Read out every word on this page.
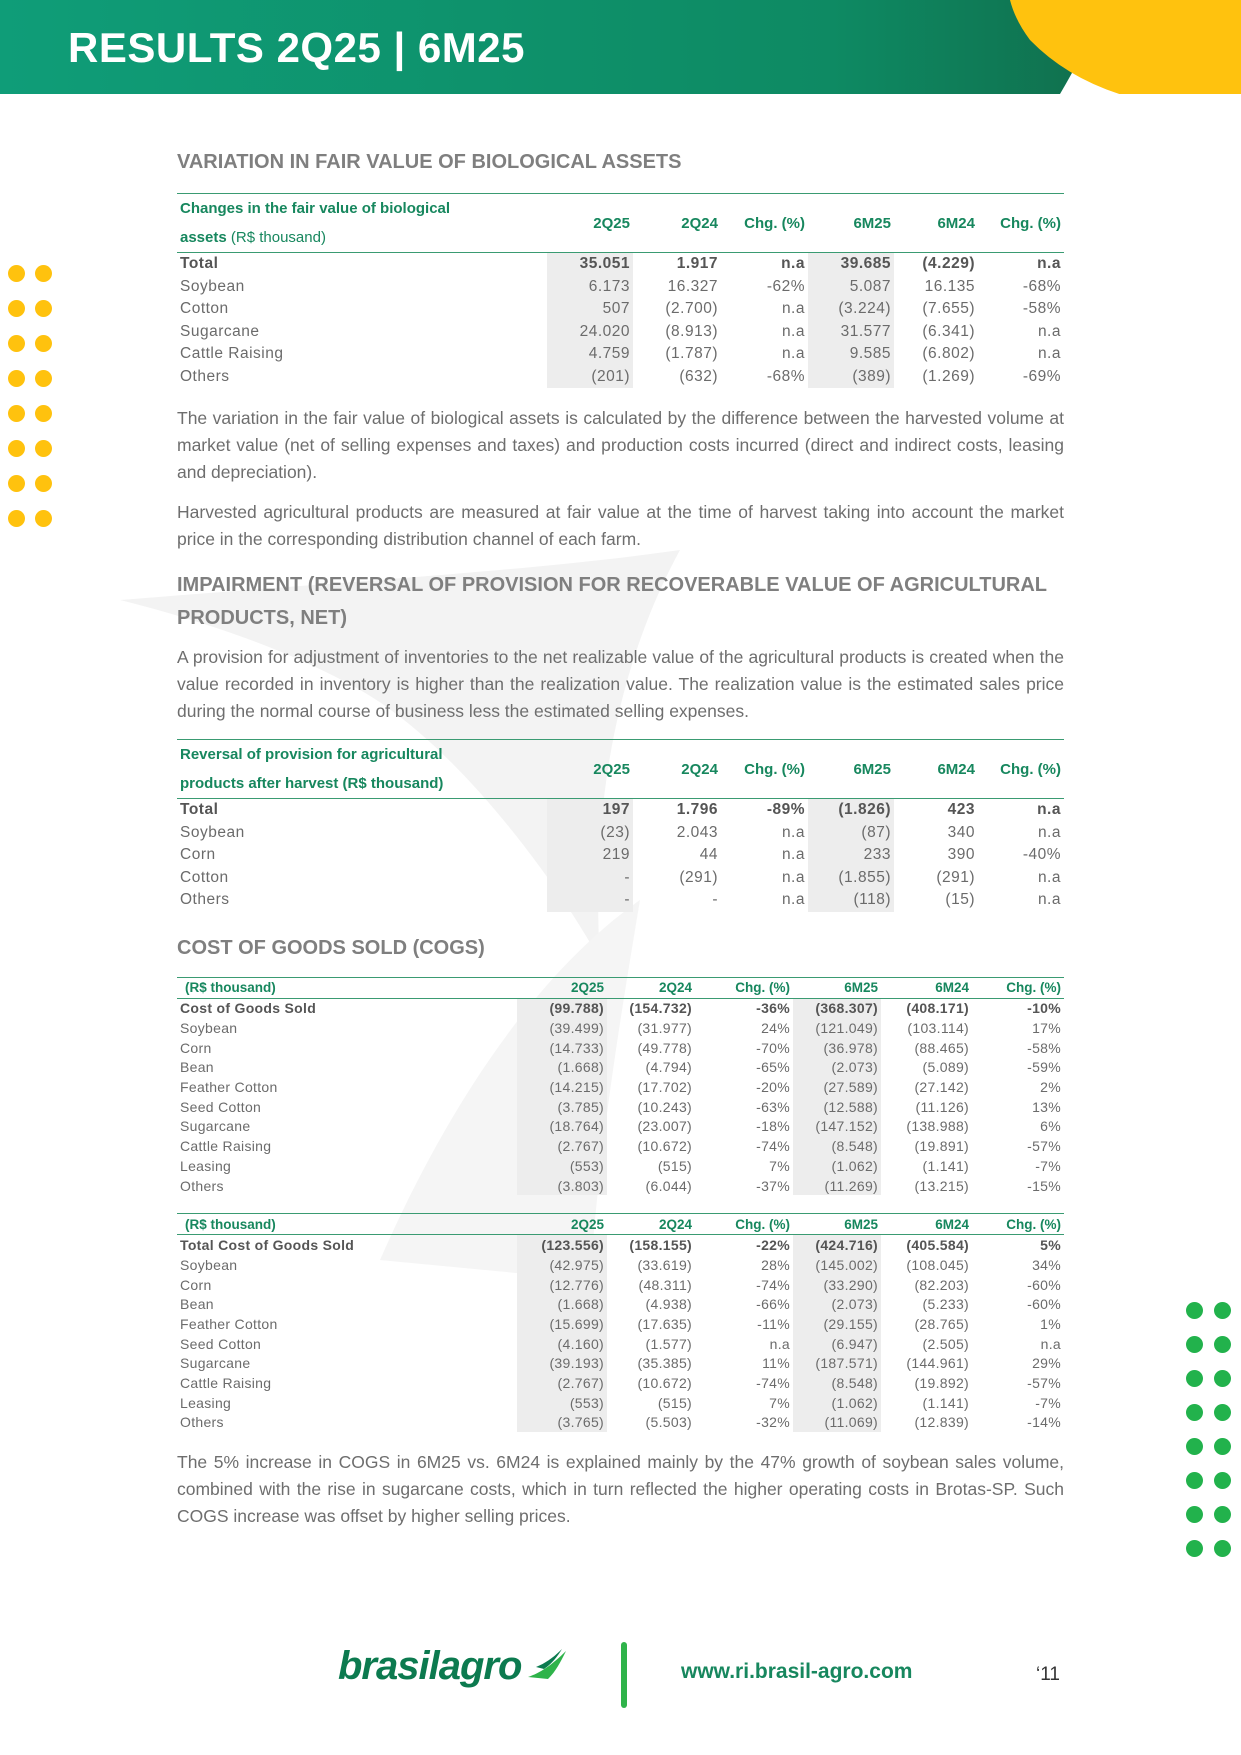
RESULTS 2Q25 | 6M25
VARIATION IN FAIR VALUE OF BIOLOGICAL ASSETS
Changes in the fair value of biological
assets (R$ thousand)	2Q25	2Q24	Chg. (%)	6M25	6M24	Chg. (%)
Total	35.051	1.917	n.a	39.685	(4.229)	n.a
Soybean	6.173	16.327	-62%	5.087	16.135	-68%
Cotton	507	(2.700)	n.a	(3.224)	(7.655)	-58%
Sugarcane	24.020	(8.913)	n.a	31.577	(6.341)	n.a
Cattle Raising	4.759	(1.787)	n.a	9.585	(6.802)	n.a
Others	(201)	(632)	-68%	(389)	(1.269)	-69%

The variation in the fair value of biological assets is calculated by the difference between the harvested volume at market value (net of selling expenses and taxes) and production costs incurred (direct and indirect costs, leasing and depreciation).

Harvested agricultural products are measured at fair value at the time of harvest taking into account the market price in the corresponding distribution channel of each farm.

IMPAIRMENT (REVERSAL OF PROVISION FOR RECOVERABLE VALUE OF AGRICULTURAL PRODUCTS, NET)

A provision for adjustment of inventories to the net realizable value of the agricultural products is created when the value recorded in inventory is higher than the realization value. The realization value is the estimated sales price during the normal course of business less the estimated selling expenses.

Reversal of provision for agricultural
products after harvest (R$ thousand)	2Q25	2Q24	Chg. (%)	6M25	6M24	Chg. (%)
Total	197	1.796	-89%	(1.826)	423	n.a
Soybean	(23)	2.043	n.a	(87)	340	n.a
Corn	219	44	n.a	233	390	-40%
Cotton	-	(291)	n.a	(1.855)	(291)	n.a
Others	-	-	n.a	(118)	(15)	n.a
COST OF GOODS SOLD (COGS)
(R$ thousand)	2Q25	2Q24	Chg. (%)	6M25	6M24	Chg. (%)
Cost of Goods Sold	(99.788)	(154.732)	-36%	(368.307)	(408.171)	-10%
Soybean	(39.499)	(31.977)	24%	(121.049)	(103.114)	17%
Corn	(14.733)	(49.778)	-70%	(36.978)	(88.465)	-58%
Bean	(1.668)	(4.794)	-65%	(2.073)	(5.089)	-59%
Feather Cotton	(14.215)	(17.702)	-20%	(27.589)	(27.142)	2%
Seed Cotton	(3.785)	(10.243)	-63%	(12.588)	(11.126)	13%
Sugarcane	(18.764)	(23.007)	-18%	(147.152)	(138.988)	6%
Cattle Raising	(2.767)	(10.672)	-74%	(8.548)	(19.891)	-57%
Leasing	(553)	(515)	7%	(1.062)	(1.141)	-7%
Others	(3.803)	(6.044)	-37%	(11.269)	(13.215)	-15%
(R$ thousand)	2Q25	2Q24	Chg. (%)	6M25	6M24	Chg. (%)
Total Cost of Goods Sold	(123.556)	(158.155)	-22%	(424.716)	(405.584)	5%
Soybean	(42.975)	(33.619)	28%	(145.002)	(108.045)	34%
Corn	(12.776)	(48.311)	-74%	(33.290)	(82.203)	-60%
Bean	(1.668)	(4.938)	-66%	(2.073)	(5.233)	-60%
Feather Cotton	(15.699)	(17.635)	-11%	(29.155)	(28.765)	1%
Seed Cotton	(4.160)	(1.577)	n.a	(6.947)	(2.505)	n.a
Sugarcane	(39.193)	(35.385)	11%	(187.571)	(144.961)	29%
Cattle Raising	(2.767)	(10.672)	-74%	(8.548)	(19.892)	-57%
Leasing	(553)	(515)	7%	(1.062)	(1.141)	-7%
Others	(3.765)	(5.503)	-32%	(11.069)	(12.839)	-14%

The 5% increase in COGS in 6M25 vs. 6M24 is explained mainly by the 47% growth of soybean sales volume, combined with the rise in sugarcane costs, which in turn reflected the higher operating costs in Brotas-SP. Such COGS increase was offset by higher selling prices.

brasilagro	www.ri.brasil-agro.com	‘11
